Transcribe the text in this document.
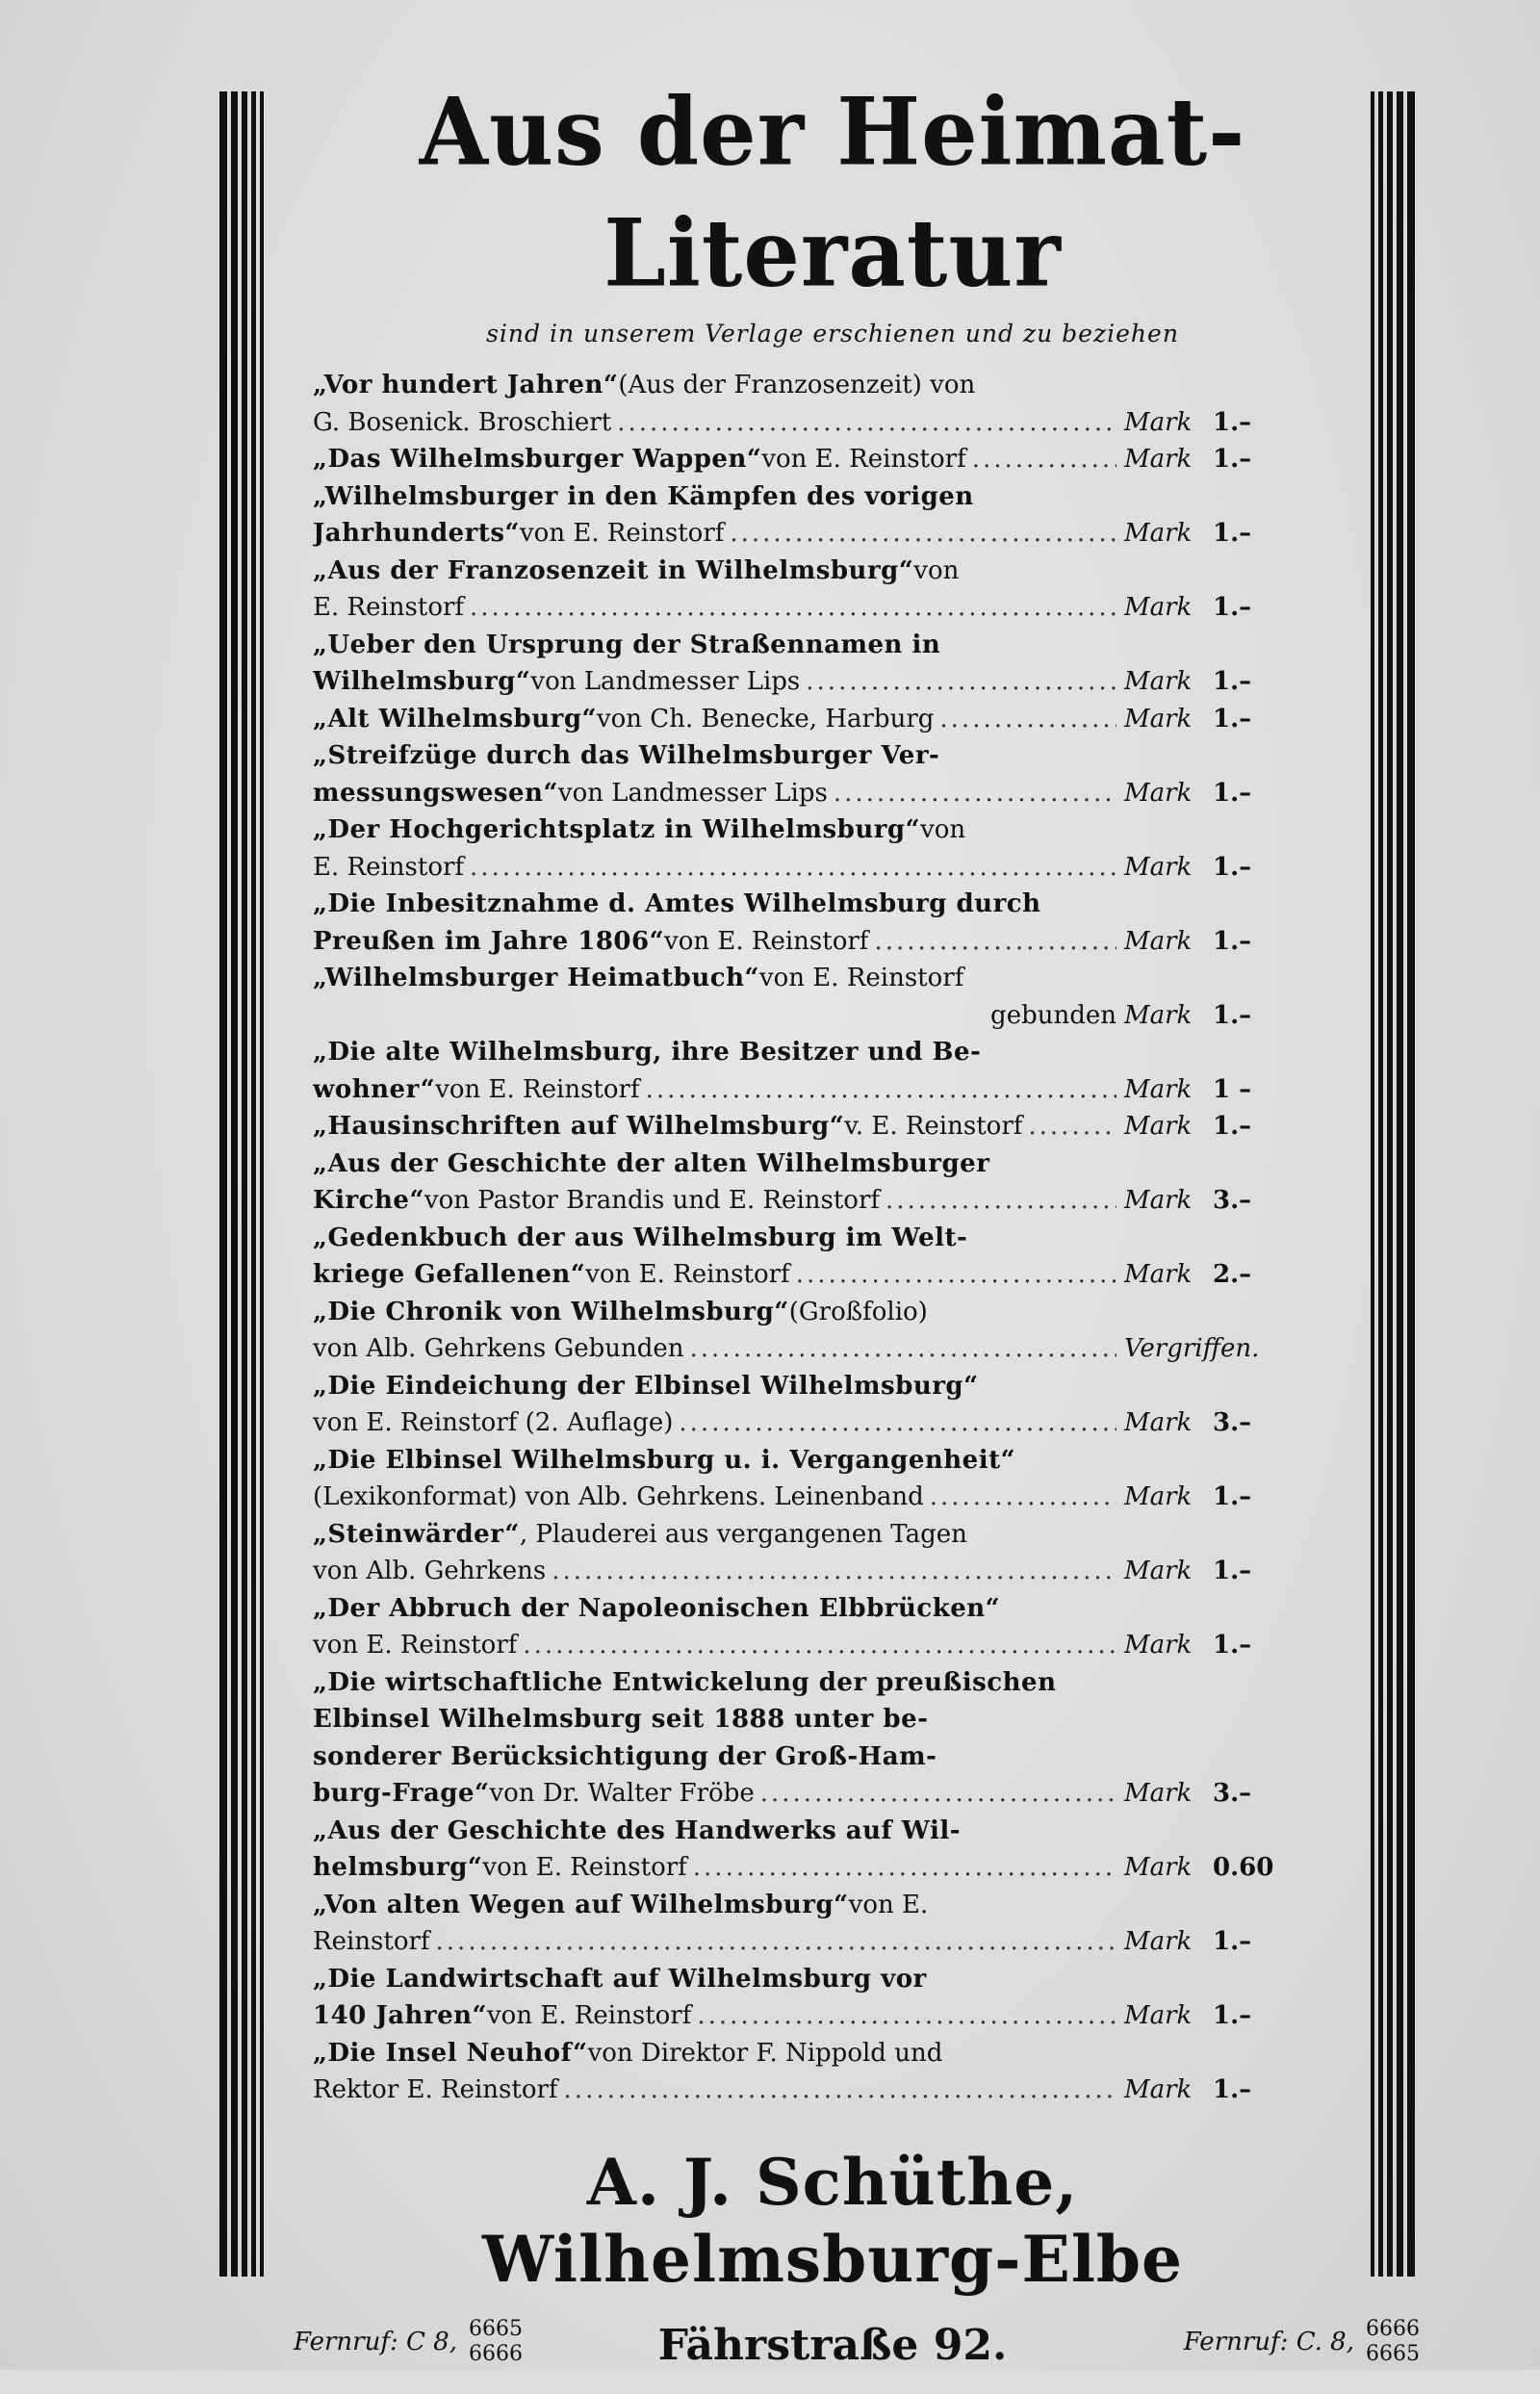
Aus der Heimat-Literatur
sind in unserem Verlage erschienen und zu beziehen
„Vor hundert Jahren“ (Aus der Franzosenzeit) von
G. Bosenick. Broschiert .....	Mark 1.–
„Das Wilhelmsburger Wappen“ von E. Reinstorf .....	Mark 1.–
„Wilhelmsburger in den Kämpfen des vorigen
Jahrhunderts“ von E. Reinstorf .....	Mark 1.–
„Aus der Franzosenzeit in Wilhelmsburg“ von
E. Reinstorf .....	Mark 1.–
„Ueber den Ursprung der Straßennamen in
Wilhelmsburg“ von Landmesser Lips .....	Mark 1.–
„Alt Wilhelmsburg“ von Ch. Benecke, Harburg .....	Mark 1.–
„Streifzüge durch das Wilhelmsburger Ver-
messungswesen“ von Landmesser Lips .....	Mark 1.–
„Der Hochgerichtsplatz in Wilhelmsburg“ von
E. Reinstorf .....	Mark 1.–
„Die Inbesitznahme d. Amtes Wilhelmsburg durch
Preußen im Jahre 1806“ von E. Reinstorf .....	Mark 1.–
„Wilhelmsburger Heimatbuch“ von E. Reinstorf
gebunden Mark 1.–
„Die alte Wilhelmsburg, ihre Besitzer und Be-
wohner“ von E. Reinstorf .....	Mark 1 –
„Hausinschriften auf Wilhelmsburg“ v. E. Reinstorf .....	Mark 1.–
„Aus der Geschichte der alten Wilhelmsburger
Kirche“ von Pastor Brandis und E. Reinstorf .....	Mark 3.–
„Gedenkbuch der aus Wilhelmsburg im Welt-
kriege Gefallenen“ von E. Reinstorf .....	Mark 2.–
„Die Chronik von Wilhelmsburg“ (Großfolio)
von Alb. Gehrkens Gebunden .....	Vergriffen.
„Die Eindeichung der Elbinsel Wilhelmsburg“
von E. Reinstorf (2. Auflage) .....	Mark 3.–
„Die Elbinsel Wilhelmsburg u. i. Vergangenheit“
(Lexikonformat) von Alb. Gehrkens. Leinenband .....	Mark 1.–
„Steinwärder“ , Plauderei aus vergangenen Tagen
von Alb. Gehrkens .....	Mark 1.–
„Der Abbruch der Napoleonischen Elbbrücken“
von E. Reinstorf .....	Mark 1.–
„Die wirtschaftliche Entwickelung der preußischen
Elbinsel Wilhelmsburg seit 1888 unter be-
sonderer Berücksichtigung der Groß-Ham-
burg-Frage“ von Dr. Walter Fröbe .....	Mark 3.–
„Aus der Geschichte des Handwerks auf Wil-
helmsburg“ von E. Reinstorf .....	Mark 0.60
„Von alten Wegen auf Wilhelmsburg“ von E.
Reinstorf .....	Mark 1.–
„Die Landwirtschaft auf Wilhelmsburg vor
140 Jahren“ von E. Reinstorf .....	Mark 1.–
„Die Insel Neuhof“ von Direktor F. Nippold und
Rektor E. Reinstorf .....	Mark 1.–
A. J. Schüthe, Wilhelmsburg-Elbe
Fernruf: C 8, 6665
6666	Fährstraße 92.	Fernruf: C. 8, 6666
6665
